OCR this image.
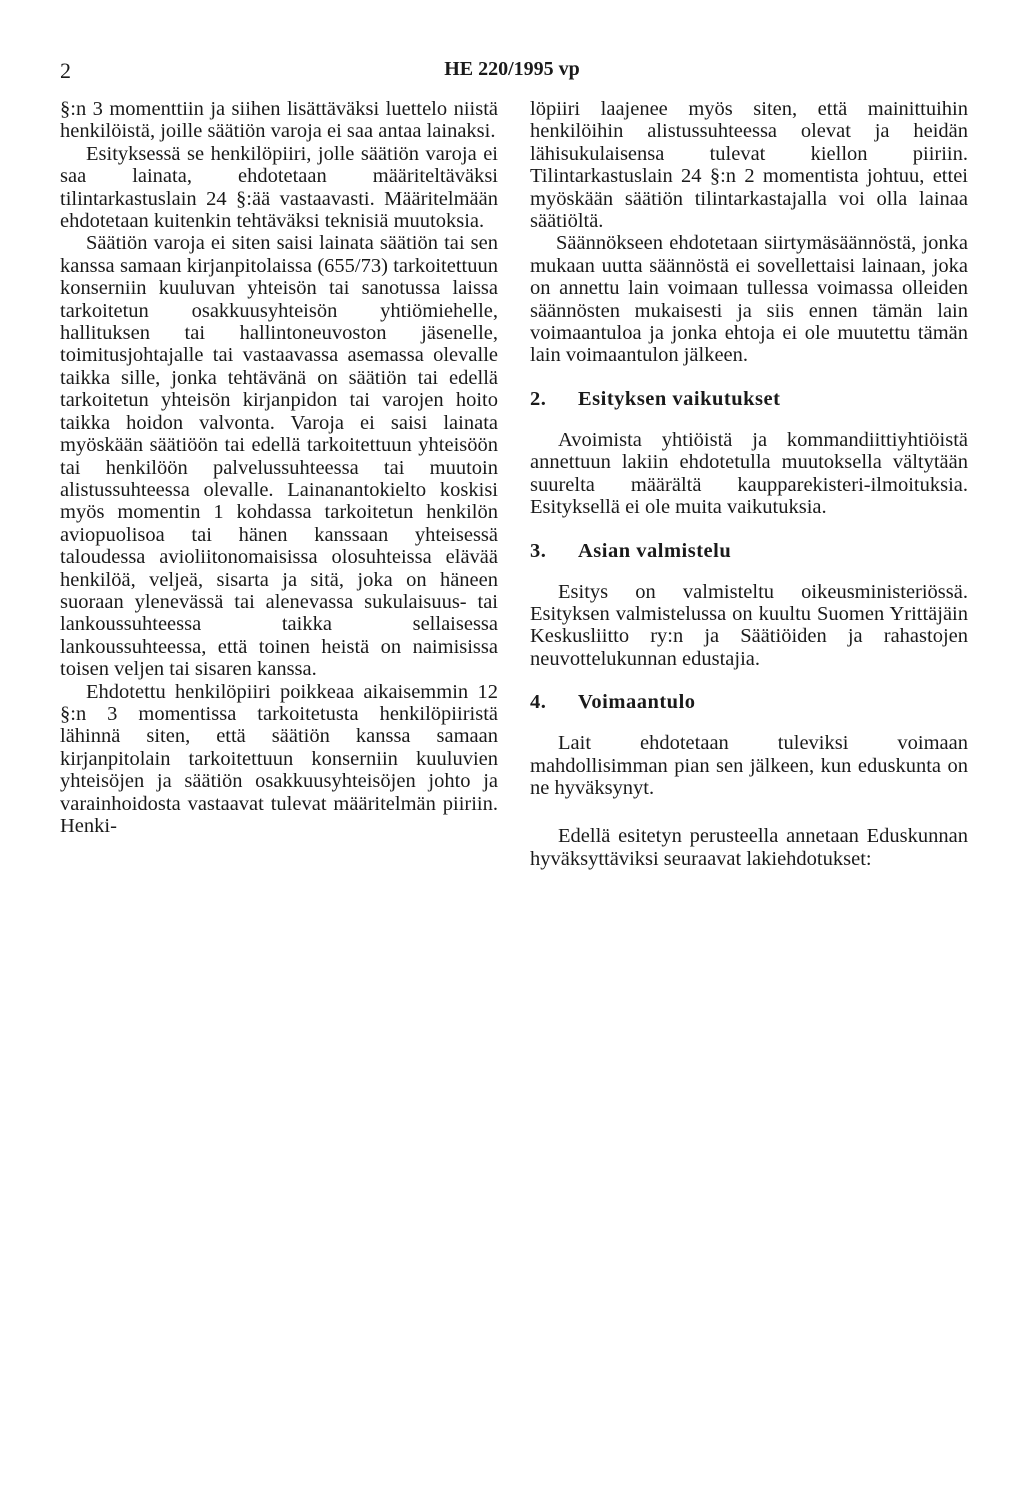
2	HE 220/1995 vp

§:n 3 momenttiin ja siihen lisättäväksi luettelo niistä henkilöistä, joille säätiön varoja ei saa antaa lainaksi.

Esityksessä se henkilöpiiri, jolle säätiön varoja ei saa lainata, ehdotetaan määriteltäväksi tilintarkastuslain 24 §:ää vastaavasti. Määritelmään ehdotetaan kuitenkin tehtäväksi teknisiä muutoksia.

Säätiön varoja ei siten saisi lainata säätiön tai sen kanssa samaan kirjanpitolaissa (655/73) tarkoitettuun konserniin kuuluvan yhteisön tai sanotussa laissa tarkoitetun osakkuusyhteisön yhtiömiehelle, hallituksen tai hallintoneuvoston jäsenelle, toimitusjohtajalle tai vastaavassa asemassa olevalle taikka sille, jonka tehtävänä on säätiön tai edellä tarkoitetun yhteisön kirjanpidon tai varojen hoito taikka hoidon valvonta. Varoja ei saisi lainata myöskään säätiöön tai edellä tarkoitettuun yhteisöön tai henkilöön palvelussuhteessa tai muutoin alistussuhteessa olevalle. Lainanantokielto koskisi myös momentin 1 kohdassa tarkoitetun henkilön aviopuolisoa tai hänen kanssaan yhteisessä taloudessa avioliitonomaisissa olosuhteissa elävää henkilöä, veljeä, sisarta ja sitä, joka on häneen suoraan ylenevässä tai alenevassa sukulaisuus- tai lankoussuhteessa taikka sellaisessa lankoussuhteessa, että toinen heistä on naimisissa toisen veljen tai sisaren kanssa.

Ehdotettu henkilöpiiri poikkeaa aikaisemmin 12 §:n 3 momentissa tarkoitetusta henkilöpiiristä lähinnä siten, että säätiön kanssa samaan kirjanpitolain tarkoitettuun konserniin kuuluvien yhteisöjen ja säätiön osakkuusyhteisöjen johto ja varainhoidosta vastaavat tulevat määritelmän piiriin. Henki-

löpiiri laajenee myös siten, että mainittuihin henkilöihin alistussuhteessa olevat ja heidän lähisukulaisensa tulevat kiellon piiriin. Tilintarkastuslain 24 §:n 2 momentista johtuu, ettei myöskään säätiön tilintarkastajalla voi olla lainaa säätiöltä.

Säännökseen ehdotetaan siirtymäsäännöstä, jonka mukaan uutta säännöstä ei sovellettaisi lainaan, joka on annettu lain voimaan tullessa voimassa olleiden säännösten mukaisesti ja siis ennen tämän lain voimaantuloa ja jonka ehtoja ei ole muutettu tämän lain voimaantulon jälkeen.

2.	Esityksen vaikutukset

Avoimista yhtiöistä ja kommandiittiyhtiöistä annettuun lakiin ehdotetulla muutoksella vältytään suurelta määrältä kaupparekisteri-ilmoituksia. Esityksellä ei ole muita vaikutuksia.

3.	Asian valmistelu

Esitys on valmisteltu oikeusministeriössä. Esityksen valmistelussa on kuultu Suomen Yrittäjäin Keskusliitto ry:n ja Säätiöiden ja rahastojen neuvottelukunnan edustajia.

4.	Voimaantulo

Lait ehdotetaan tuleviksi voimaan mahdollisimman pian sen jälkeen, kun eduskunta on ne hyväksynyt.

Edellä esitetyn perusteella annetaan Eduskunnan hyväksyttäviksi seuraavat lakiehdotukset:
